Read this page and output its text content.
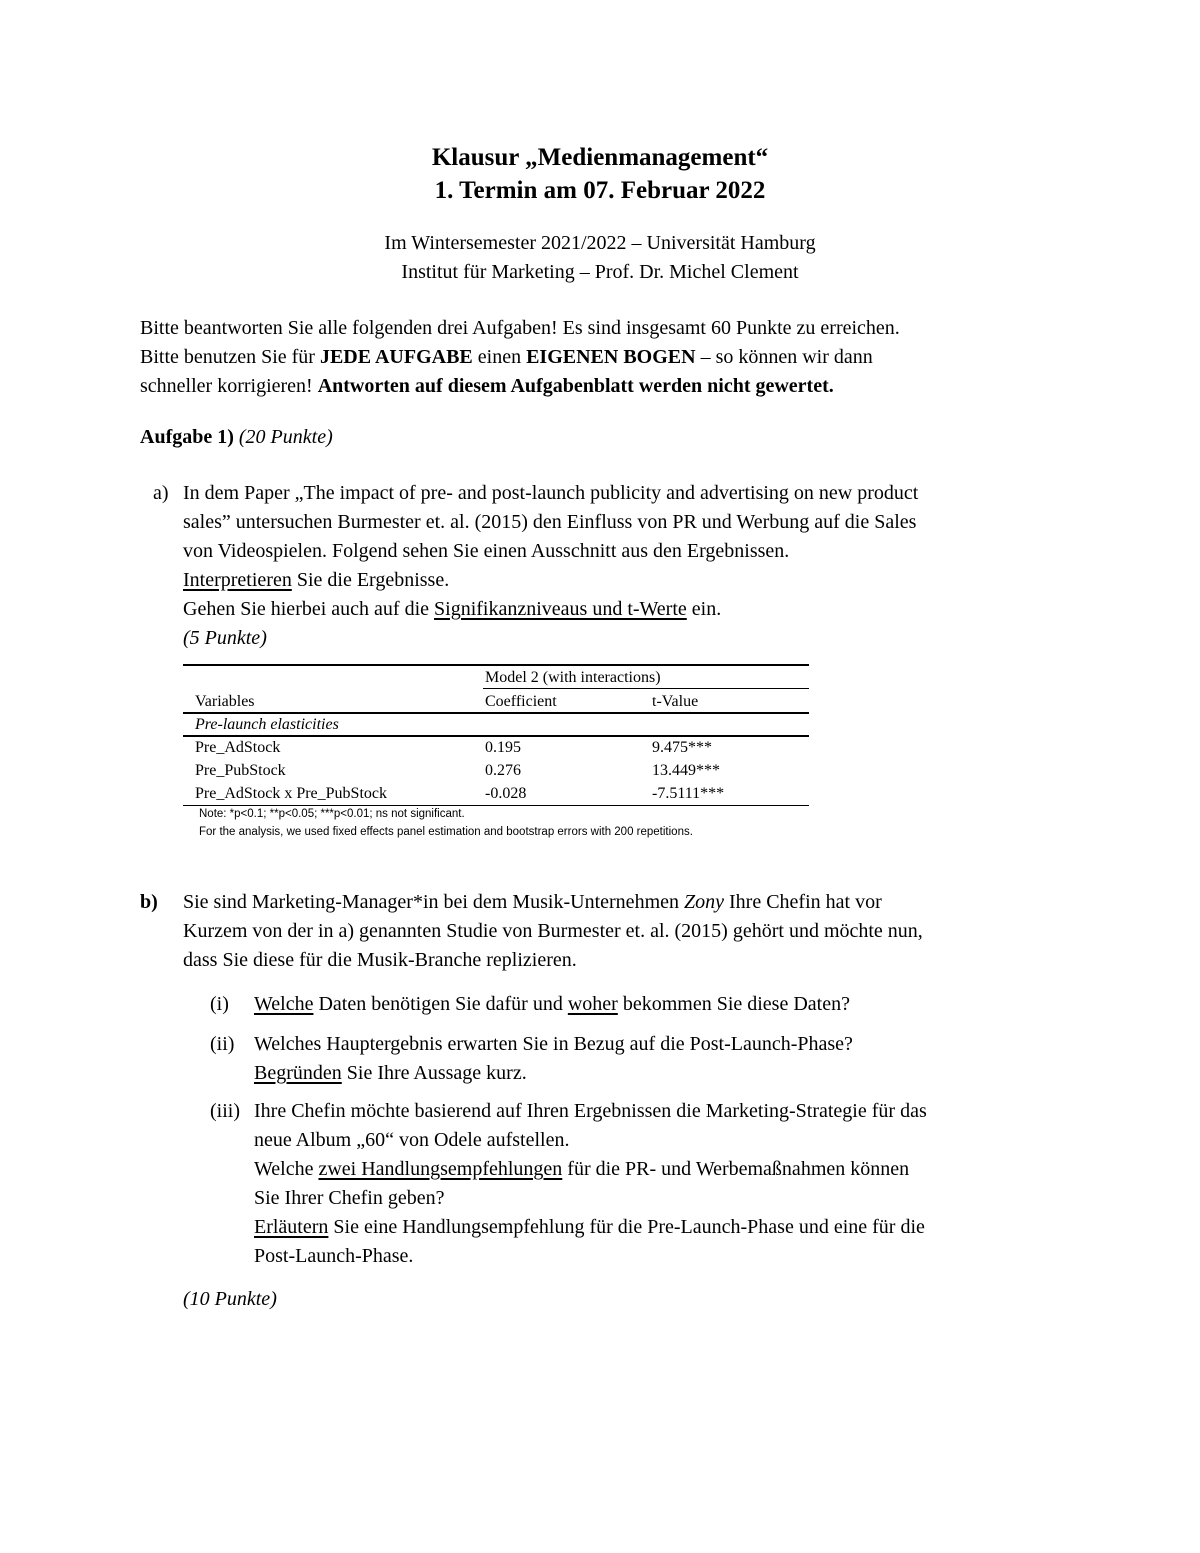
Klausur „Medienmanagement“
1. Termin am 07. Februar 2022
Im Wintersemester 2021/2022 – Universität Hamburg
Institut für Marketing – Prof. Dr. Michel Clement
Bitte beantworten Sie alle folgenden drei Aufgaben! Es sind insgesamt 60 Punkte zu erreichen.
Bitte benutzen Sie für JEDE AUFGABE einen EIGENEN BOGEN – so können wir dann
schneller korrigieren! Antworten auf diesem Aufgabenblatt werden nicht gewertet.
Aufgabe 1) (20 Punkte)
a) In dem Paper „The impact of pre- and post-launch publicity and advertising on new product
sales” untersuchen Burmester et. al. (2015) den Einfluss von PR und Werbung auf die Sales
von Videospielen. Folgend sehen Sie einen Ausschnitt aus den Ergebnissen.
Interpretieren Sie die Ergebnisse.
Gehen Sie hierbei auch auf die Signifikanzniveaus und t-Werte ein.
(5 Punkte)
Model 2 (with interactions)
Variables	Coefficient	t-Value
Pre-launch elasticities
Pre_AdStock	0.195	9.475***
Pre_PubStock	0.276	13.449***
Pre_AdStock x Pre_PubStock	-0.028	-7.5111***
Note: *p<0.1; **p<0.05; ***p<0.01; ns not significant.
For the analysis, we used fixed effects panel estimation and bootstrap errors with 200 repetitions.
b) Sie sind Marketing-Manager*in bei dem Musik-Unternehmen Zony Ihre Chefin hat vor
Kurzem von der in a) genannten Studie von Burmester et. al. (2015) gehört und möchte nun,
dass Sie diese für die Musik-Branche replizieren.
(i) Welche Daten benötigen Sie dafür und woher bekommen Sie diese Daten?
(ii) Welches Hauptergebnis erwarten Sie in Bezug auf die Post-Launch-Phase?
Begründen Sie Ihre Aussage kurz.
(iii) Ihre Chefin möchte basierend auf Ihren Ergebnissen die Marketing-Strategie für das
neue Album „60“ von Odele aufstellen.
Welche zwei Handlungsempfehlungen für die PR- und Werbemaßnahmen können
Sie Ihrer Chefin geben?
Erläutern Sie eine Handlungsempfehlung für die Pre-Launch-Phase und eine für die
Post-Launch-Phase.
(10 Punkte)
